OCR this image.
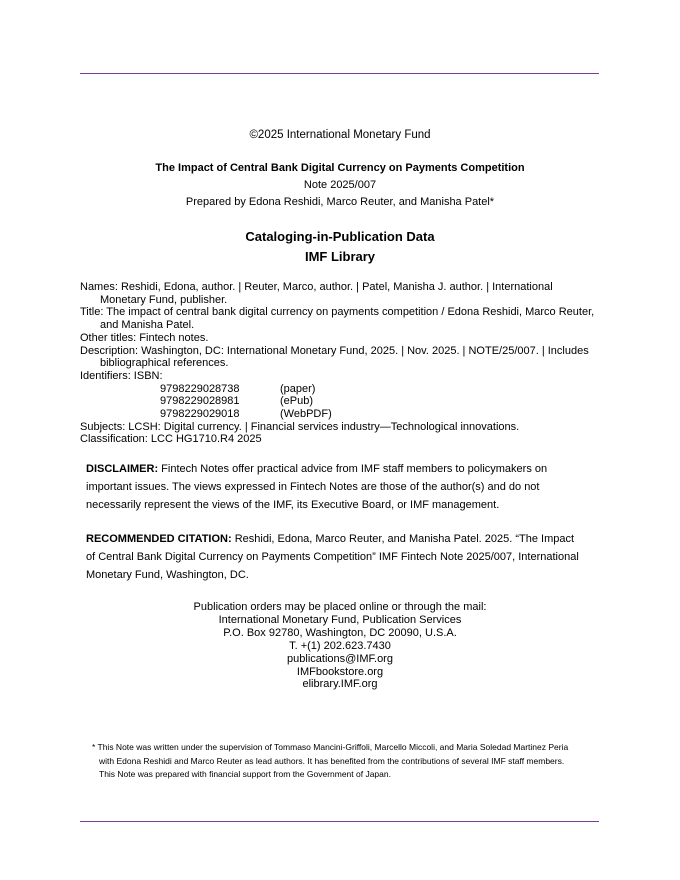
©2025 International Monetary Fund
The Impact of Central Bank Digital Currency on Payments Competition
Note 2025/007
Prepared by Edona Reshidi, Marco Reuter, and Manisha Patel*
Cataloging-in-Publication Data
IMF Library
Names: Reshidi, Edona, author. | Reuter, Marco, author. | Patel, Manisha J. author. | International Monetary Fund, publisher.
Title: The impact of central bank digital currency on payments competition / Edona Reshidi, Marco Reuter, and Manisha Patel.
Other titles: Fintech notes.
Description: Washington, DC: International Monetary Fund, 2025. | Nov. 2025. | NOTE/25/007. | Includes bibliographical references.
Identifiers: ISBN:
9798229028738	(paper)
9798229028981	(ePub)
9798229029018	(WebPDF)
Subjects: LCSH: Digital currency. | Financial services industry—Technological innovations.
Classification: LCC HG1710.R4 2025
DISCLAIMER: Fintech Notes offer practical advice from IMF staff members to policymakers on important issues. The views expressed in Fintech Notes are those of the author(s) and do not necessarily represent the views of the IMF, its Executive Board, or IMF management.
RECOMMENDED CITATION: Reshidi, Edona, Marco Reuter, and Manisha Patel. 2025. “The Impact of Central Bank Digital Currency on Payments Competition” IMF Fintech Note 2025/007, International Monetary Fund, Washington, DC.
Publication orders may be placed online or through the mail:
International Monetary Fund, Publication Services
P.O. Box 92780, Washington, DC 20090, U.S.A.
T. +(1) 202.623.7430
publications@IMF.org
IMFbookstore.org
elibrary.IMF.org
* This Note was written under the supervision of Tommaso Mancini-Griffoli, Marcello Miccoli, and Maria Soledad Martinez Peria
with Edona Reshidi and Marco Reuter as lead authors. It has benefited from the contributions of several IMF staff members.
This Note was prepared with financial support from the Government of Japan.
